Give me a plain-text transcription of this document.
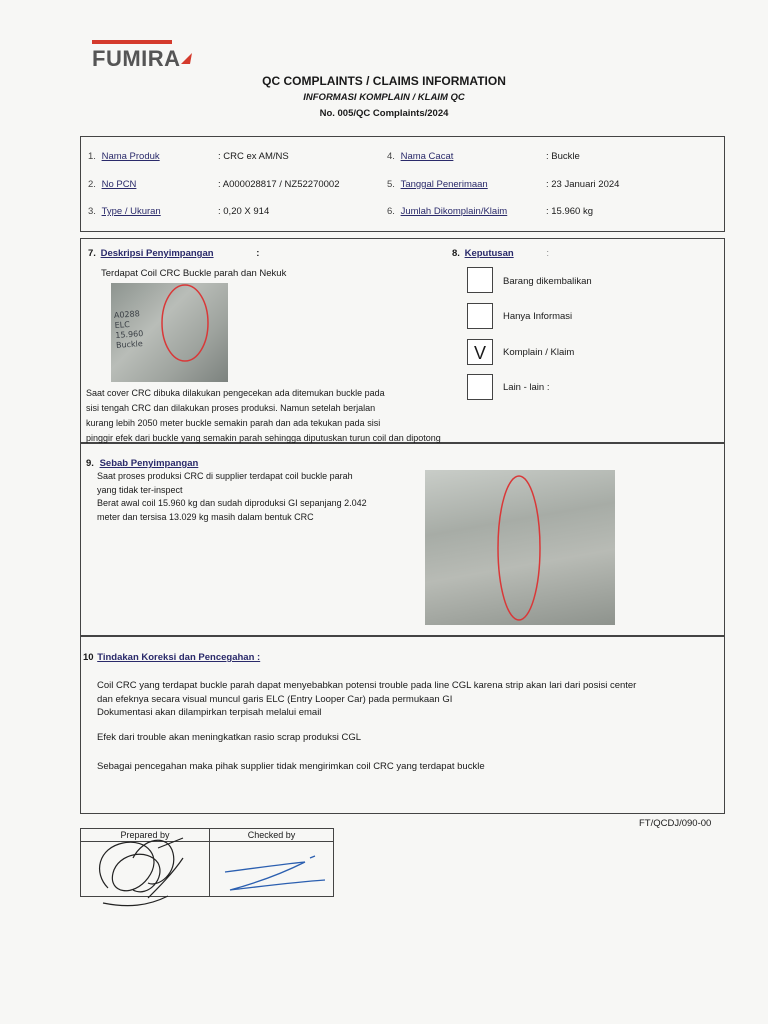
FUMIRA
QC COMPLAINTS / CLAIMS INFORMATION
INFORMASI KOMPLAIN / KLAIM QC
No. 005/QC Complaints/2024
1. Nama Produk	: CRC ex AM/NS
2. No PCN	: A000028817 / NZ52270002
3. Type / Ukuran	: 0,20 X 914
4. Nama Cacat	: Buckle
5. Tanggal Penerimaan	: 23 Januari 2024
6. Jumlah Dikomplain/Klaim	: 15.960 kg
7. Deskripsi Penyimpangan	:
Terdapat Coil CRC Buckle parah dan Nekuk
A0288
ELC
15.960
Buckle
Saat cover CRC dibuka dilakukan pengecekan ada ditemukan buckle pada
sisi tengah CRC dan dilakukan proses produksi. Namun setelah berjalan
kurang lebih 2050 meter buckle semakin parah dan ada tekukan pada sisi
pinggir efek dari buckle yang semakin parah sehingga diputuskan turun coil dan dipotong
8. Keputusan	:
Barang dikembalikan
Hanya Informasi
V	Komplain / Klaim
Lain - lain :
9. Sebab Penyimpangan
Saat proses produksi CRC di supplier terdapat coil buckle parah
yang tidak ter-inspect
Berat awal coil 15.960 kg dan sudah diproduksi GI sepanjang 2.042
meter dan tersisa 13.029 kg masih dalam bentuk CRC
10 Tindakan Koreksi dan Pencegahan :
Coil CRC yang terdapat buckle parah dapat menyebabkan potensi trouble pada line CGL karena strip akan lari dari posisi center
dan efeknya secara visual muncul garis ELC (Entry Looper Car) pada permukaan GI
Dokumentasi akan dilampirkan terpisah melalui email
Efek dari trouble akan meningkatkan rasio scrap produksi CGL
Sebagai pencegahan maka pihak supplier tidak mengirimkan coil CRC yang terdapat buckle
FT/QCDJ/090-00
Prepared by	Checked by
